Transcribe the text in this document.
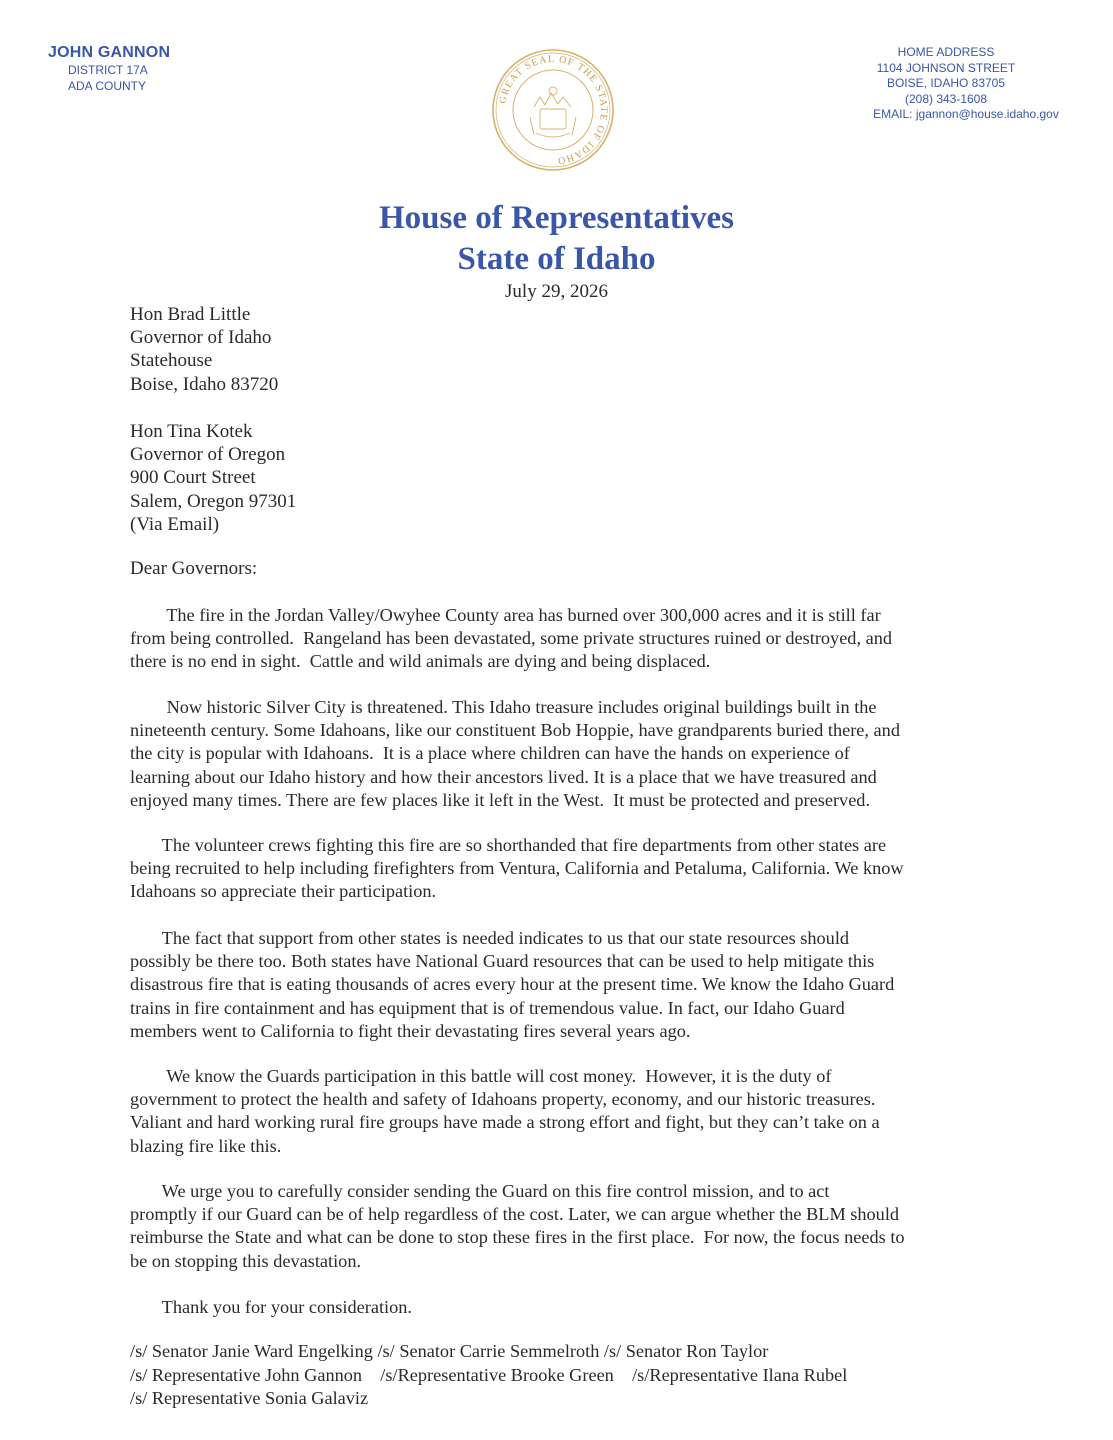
JOHN GANNON
DISTRICT 17A
ADA COUNTY
GREAT SEAL OF THE STATE OF IDAHO
HOME ADDRESS
1104 JOHNSON STREET
BOISE, IDAHO 83705
(208) 343-1608
EMAIL: jgannon@house.idaho.gov
House of Representatives
State of Idaho
July 29, 2026
Hon Brad Little
Governor of Idaho
Statehouse
Boise, Idaho 83720
Hon Tina Kotek
Governor of Oregon
900 Court Street
Salem, Oregon 97301
(Via Email)
Dear Governors:
The fire in the Jordan Valley/Owyhee County area has burned over 300,000 acres and it is still far
from being controlled.  Rangeland has been devastated, some private structures ruined or destroyed, and
there is no end in sight.  Cattle and wild animals are dying and being displaced.
Now historic Silver City is threatened. This Idaho treasure includes original buildings built in the
nineteenth century. Some Idahoans, like our constituent Bob Hoppie, have grandparents buried there, and
the city is popular with Idahoans.  It is a place where children can have the hands on experience of
learning about our Idaho history and how their ancestors lived. It is a place that we have treasured and
enjoyed many times. There are few places like it left in the West.  It must be protected and preserved.
The volunteer crews fighting this fire are so shorthanded that fire departments from other states are
being recruited to help including firefighters from Ventura, California and Petaluma, California. We know
Idahoans so appreciate their participation.
The fact that support from other states is needed indicates to us that our state resources should
possibly be there too. Both states have National Guard resources that can be used to help mitigate this
disastrous fire that is eating thousands of acres every hour at the present time. We know the Idaho Guard
trains in fire containment and has equipment that is of tremendous value. In fact, our Idaho Guard
members went to California to fight their devastating fires several years ago.
We know the Guards participation in this battle will cost money.  However, it is the duty of
government to protect the health and safety of Idahoans property, economy, and our historic treasures.
Valiant and hard working rural fire groups have made a strong effort and fight, but they can’t take on a
blazing fire like this.
We urge you to carefully consider sending the Guard on this fire control mission, and to act
promptly if our Guard can be of help regardless of the cost. Later, we can argue whether the BLM should
reimburse the State and what can be done to stop these fires in the first place.  For now, the focus needs to
be on stopping this devastation.
Thank you for your consideration.
/s/ Senator Janie Ward Engelking /s/ Senator Carrie Semmelroth /s/ Senator Ron Taylor
/s/ Representative John Gannon    /s/Representative Brooke Green    /s/Representative Ilana Rubel
/s/ Representative Sonia Galaviz
